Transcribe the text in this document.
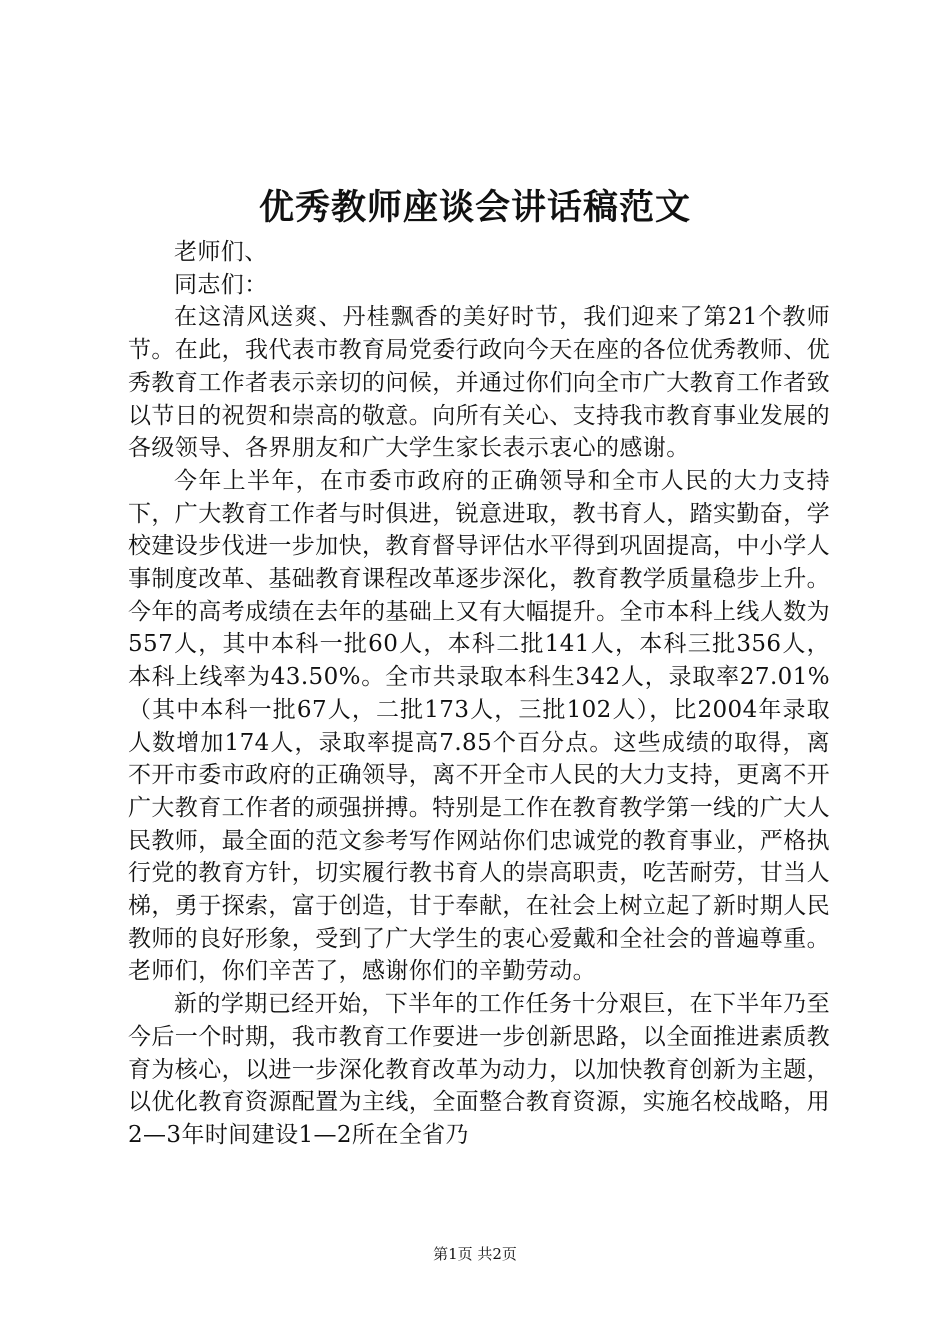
优秀教师座谈会讲话稿范文

老师们、

同志们：

在这清风送爽、丹桂飘香的美好时节，我们迎来了第21个教师节。在此，我代表市教育局党委行政向今天在座的各位优秀教师、优秀教育工作者表示亲切的问候，并通过你们向全市广大教育工作者致以节日的祝贺和崇高的敬意。向所有关心、支持我市教育事业发展的各级领导、各界朋友和广大学生家长表示衷心的感谢。

今年上半年，在市委市政府的正确领导和全市人民的大力支持下，广大教育工作者与时俱进，锐意进取，教书育人，踏实勤奋，学校建设步伐进一步加快，教育督导评估水平得到巩固提高，中小学人事制度改革、基础教育课程改革逐步深化，教育教学质量稳步上升。今年的高考成绩在去年的基础上又有大幅提升。全市本科上线人数为557人，其中本科一批60人，本科二批141人，本科三批356人，本科上线率为43.50%。全市共录取本科生342人，录取率27.01%（其中本科一批67人，二批173人，三批102人），比2004年录取人数增加174人，录取率提高7.85个百分点。这些成绩的取得，离不开市委市政府的正确领导，离不开全市人民的大力支持，更离不开广大教育工作者的顽强拼搏。特别是工作在教育教学第一线的广大人民教师，最全面的范文参考写作网站你们忠诚党的教育事业，严格执行党的教育方针，切实履行教书育人的崇高职责，吃苦耐劳，甘当人梯，勇于探索，富于创造，甘于奉献，在社会上树立起了新时期人民教师的良好形象，受到了广大学生的衷心爱戴和全社会的普遍尊重。老师们，你们辛苦了，感谢你们的辛勤劳动。

新的学期已经开始，下半年的工作任务十分艰巨，在下半年乃至今后一个时期，我市教育工作要进一步创新思路，以全面推进素质教育为核心，以进一步深化教育改革为动力，以加快教育创新为主题，以优化教育资源配置为主线，全面整合教育资源，实施名校战略，用2—3年时间建设1—2所在全省乃

第1页 共2页
